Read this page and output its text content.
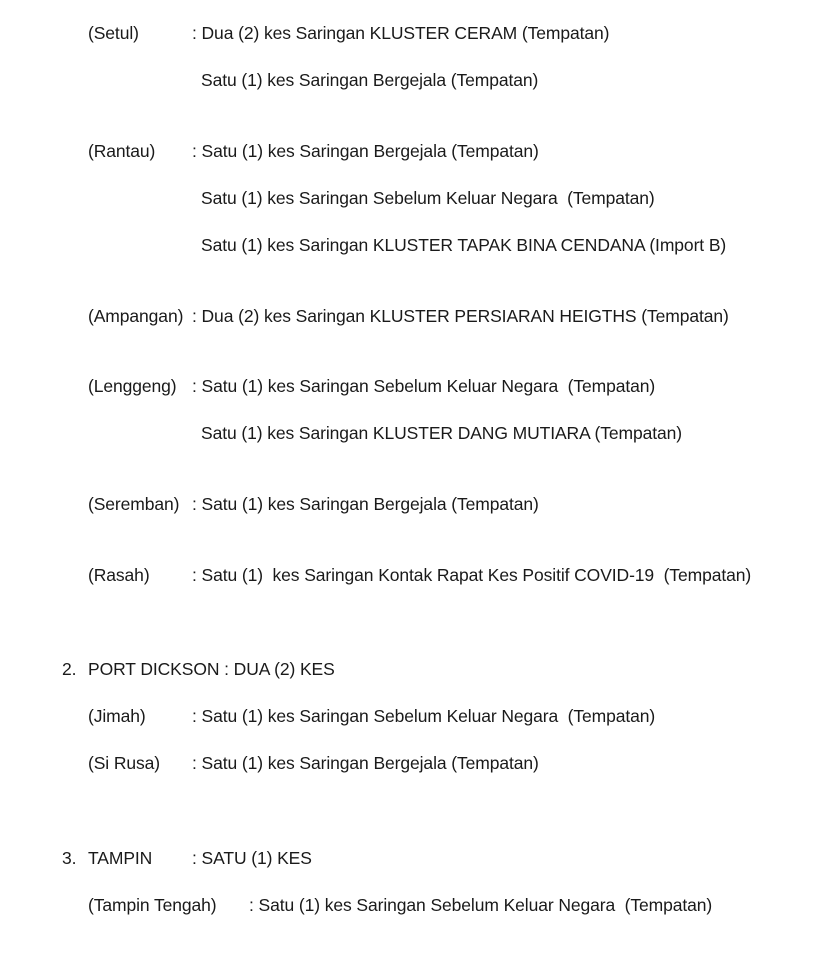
(Setul)	: Dua (2) kes Saringan KLUSTER CERAM (Tempatan)
Satu (1) kes Saringan Bergejala (Tempatan)
(Rantau) : Satu (1) kes Saringan Bergejala (Tempatan)
Satu (1) kes Saringan Sebelum Keluar Negara  (Tempatan)
Satu (1) kes Saringan KLUSTER TAPAK BINA CENDANA (Import B)
(Ampangan) : Dua (2) kes Saringan KLUSTER PERSIARAN HEIGTHS (Tempatan)
(Lenggeng) : Satu (1) kes Saringan Sebelum Keluar Negara  (Tempatan)
Satu (1) kes Saringan KLUSTER DANG MUTIARA (Tempatan)
(Seremban) : Satu (1) kes Saringan Bergejala (Tempatan)
(Rasah) : Satu (1)  kes Saringan Kontak Rapat Kes Positif COVID-19  (Tempatan)
2. PORT DICKSON : DUA (2) KES
(Jimah)	: Satu (1) kes Saringan Sebelum Keluar Negara  (Tempatan)
(Si Rusa) : Satu (1) kes Saringan Bergejala (Tempatan)
3. TAMPIN : SATU (1) KES
(Tampin Tengah) : Satu (1) kes Saringan Sebelum Keluar Negara  (Tempatan)
